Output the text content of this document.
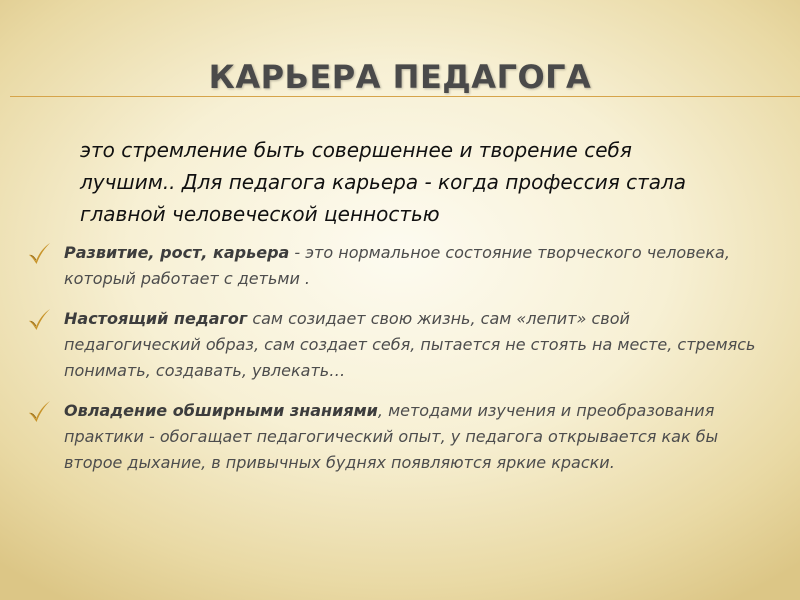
КАРЬЕРА ПЕДАГОГА

это стремление быть совершеннее и творение себя лучшим.. Для педагога карьера - когда профессия стала главной человеческой ценностью

Развитие, рост, карьера - это нормальное состояние творческого человека, который работает с детьми .
Настоящий педагог сам созидает свою жизнь, сам «лепит» свой педагогический образ, сам создает себя, пытается не стоять на месте, стремясь понимать, создавать, увлекать…
Овладение обширными знаниями, методами изучения и преобразования практики - обогащает педагогический опыт, у педагога открывается как бы второе дыхание, в привычных буднях появляются яркие краски.
